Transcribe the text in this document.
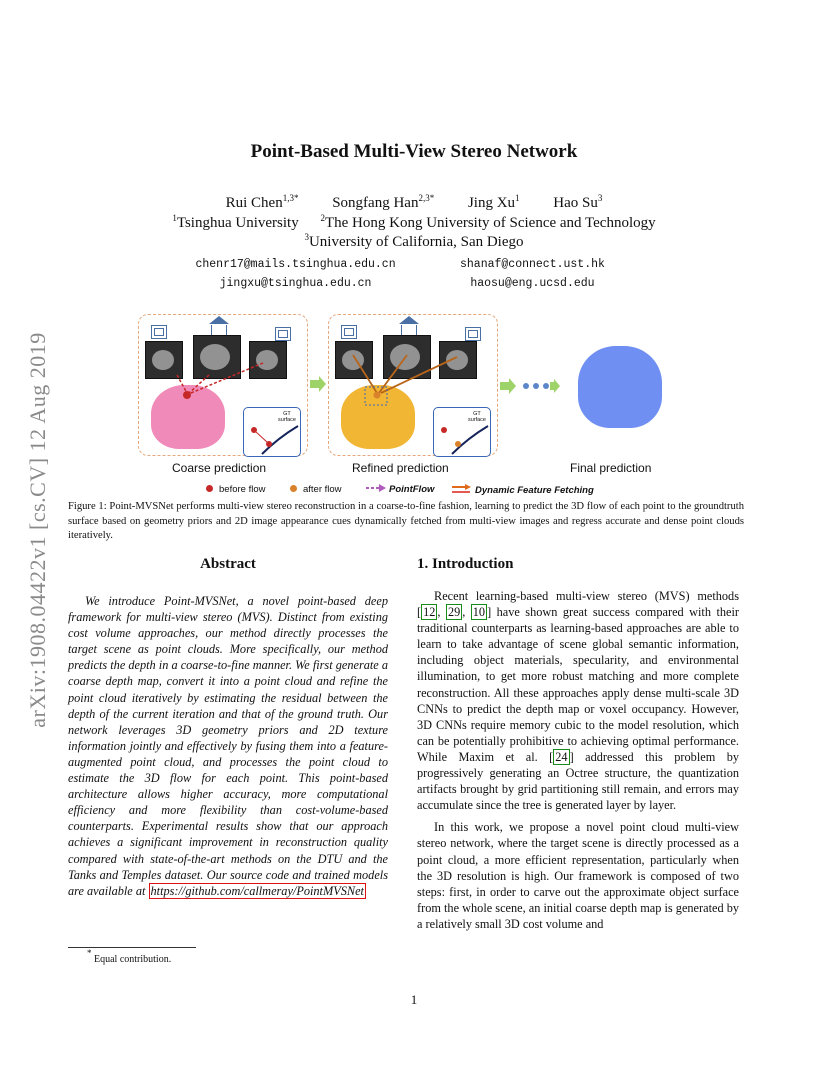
arXiv:1908.04422v1 [cs.CV] 12 Aug 2019
Point-Based Multi-View Stereo Network
Rui Chen$^{1,3*}$ Songfang Han$^{2,3*}$ Jing Xu$^1$ Hao Su$^3$
$^1$Tsinghua University $^2$The Hong Kong University of Science and Technology
$^3$University of California, San Diego
chenr17@mails.tsinghua.edu.cn	shanaf@connect.ust.hk
jingxu@tsinghua.edu.cn	haosu@eng.ucsd.edu
GT
surface
GT
surface
Coarse prediction	Refined prediction	Final prediction
before flow	after flow	PointFlow	Dynamic Feature Fetching
Figure 1: Point-MVSNet performs multi-view stereo reconstruction in a coarse-to-fine fashion, learning to predict the 3D flow of each point to the groundtruth surface based on geometry priors and 2D image appearance cues dynamically fetched from multi-view images and regress accurate and dense point clouds iteratively.
Abstract
We introduce Point-MVSNet, a novel point-based deep framework for multi-view stereo (MVS). Distinct from existing cost volume approaches, our method directly processes the target scene as point clouds. More specifically, our method predicts the depth in a coarse-to-fine manner. We first generate a coarse depth map, convert it into a point cloud and refine the point cloud iteratively by estimating the residual between the depth of the current iteration and that of the ground truth. Our network leverages 3D geometry priors and 2D texture information jointly and effectively by fusing them into a feature-augmented point cloud, and processes the point cloud to estimate the 3D flow for each point. This point-based architecture allows higher accuracy, more computational efficiency and more flexibility than cost-volume-based counterparts. Experimental results show that our approach achieves a significant improvement in reconstruction quality compared with state-of-the-art methods on the DTU and the Tanks and Temples dataset. Our source code and trained models are available at https://github.com/callmeray/PointMVSNet
1. Introduction

Recent learning-based multi-view stereo (MVS) methods [ 12 , 29 , 10 ] have shown great success compared with their traditional counterparts as learning-based approaches are able to learn to take advantage of scene global semantic information, including object materials, specularity, and environmental illumination, to get more robust matching and more complete reconstruction. All these approaches apply dense multi-scale 3D CNNs to predict the depth map or voxel occupancy. However, 3D CNNs require memory cubic to the model resolution, which can be potentially prohibitive to achieving optimal performance. While Maxim et al. [ 24 ] addressed this problem by progressively generating an Octree structure, the quantization artifacts brought by grid partitioning still remain, and errors may accumulate since the tree is generated layer by layer.

In this work, we propose a novel point cloud multi-view stereo network, where the target scene is directly processed as a point cloud, a more efficient representation, particularly when the 3D resolution is high. Our framework is composed of two steps: first, in order to carve out the approximate object surface from the whole scene, an initial coarse depth map is generated by a relatively small 3D cost volume and

* Equal contribution.
1
